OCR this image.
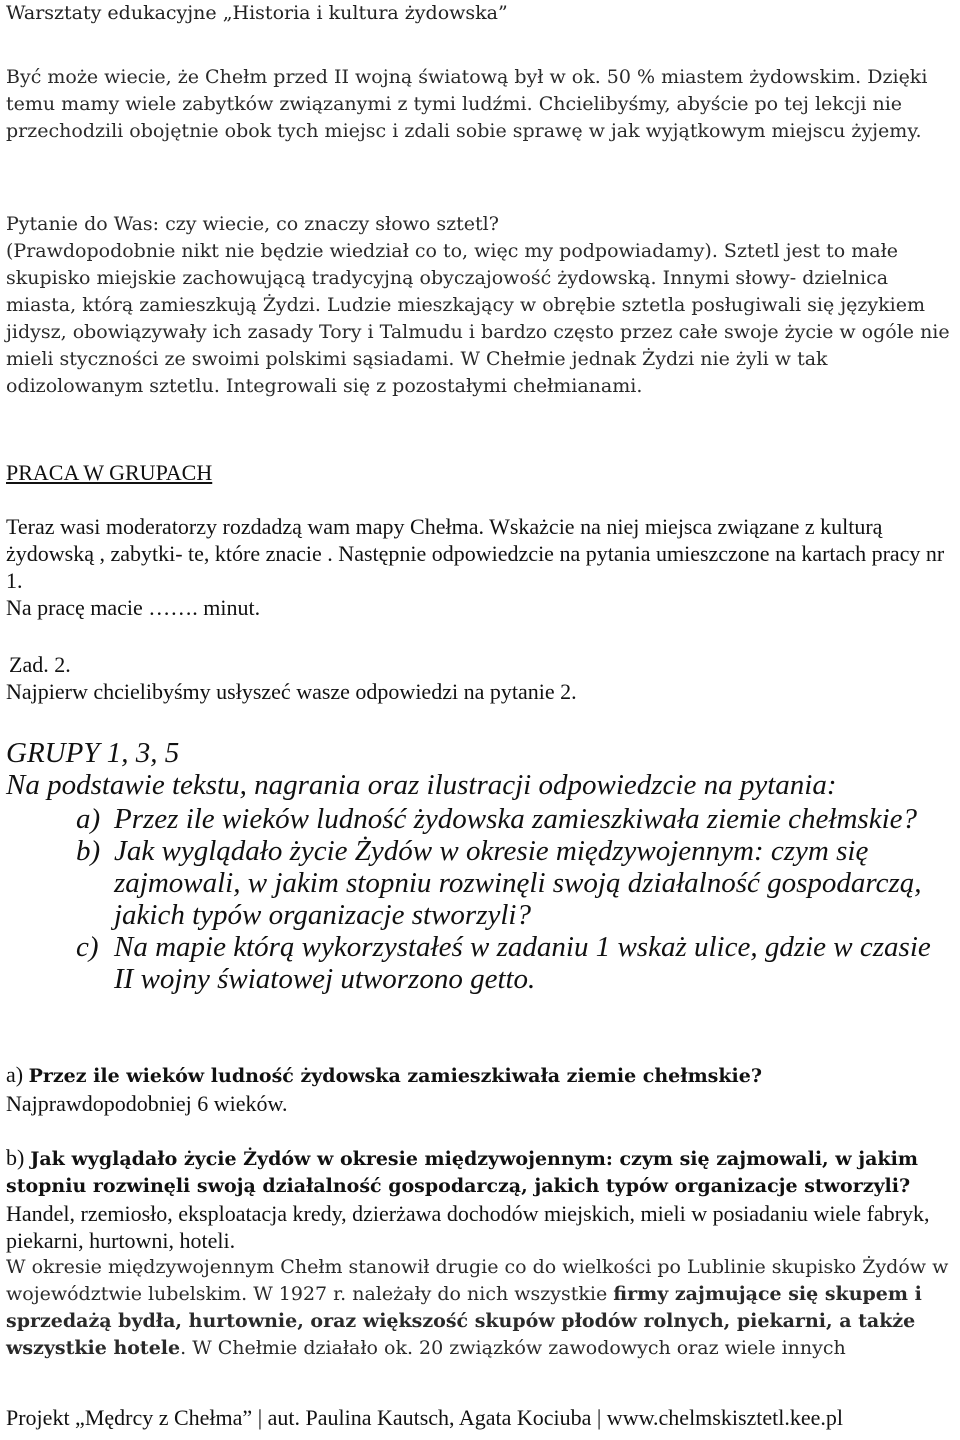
Warsztaty edukacyjne „Historia i kultura żydowska”
Być może wiecie, że Chełm przed II wojną światową był w ok. 50 % miastem żydowskim. Dzięki temu mamy wiele zabytków związanymi z tymi ludźmi. Chcielibyśmy, abyście po tej lekcji nie przechodzili obojętnie obok tych miejsc i zdali sobie sprawę w jak wyjątkowym miejscu żyjemy.
Pytanie do Was: czy wiecie, co znaczy słowo sztetl?
(Prawdopodobnie nikt nie będzie wiedział co to, więc my podpowiadamy). Sztetl jest to małe skupisko miejskie zachowującą tradycyjną obyczajowość żydowską. Innymi słowy- dzielnica miasta, którą zamieszkują Żydzi. Ludzie mieszkający w obrębie sztetla posługiwali się językiem jidysz, obowiązywały ich zasady Tory i Talmudu i bardzo często przez całe swoje życie w ogóle nie mieli styczności ze swoimi polskimi sąsiadami. W Chełmie jednak Żydzi nie żyli w tak odizolowanym sztetlu. Integrowali się z pozostałymi chełmianami.
PRACA W GRUPACH
Teraz wasi moderatorzy rozdadzą wam mapy Chełma. Wskażcie na niej miejsca związane z kulturą żydowską , zabytki- te, które znacie . Następnie odpowiedzcie na pytania umieszczone na kartach pracy nr 1.
Na pracę macie ……. minut.
Zad. 2.
Najpierw chcielibyśmy usłyszeć wasze odpowiedzi na pytanie 2.
GRUPY 1, 3, 5
Na podstawie tekstu, nagrania oraz ilustracji odpowiedzcie na pytania:
a) Przez ile wieków ludność żydowska zamieszkiwała ziemie chełmskie?
b) Jak wyglądało życie Żydów w okresie międzywojennym: czym się zajmowali, w jakim stopniu rozwinęli swoją działalność gospodarczą, jakich typów organizacje stworzyli?
c) Na mapie którą wykorzystałeś w zadaniu 1 wskaż ulice, gdzie w czasie II wojny światowej utworzono getto.
a) Przez ile wieków ludność żydowska zamieszkiwała ziemie chełmskie?
Najprawdopodobniej 6 wieków.
b) Jak wyglądało życie Żydów w okresie międzywojennym: czym się zajmowali, w jakim stopniu rozwinęli swoją działalność gospodarczą, jakich typów organizacje stworzyli?
Handel, rzemiosło, eksploatacja kredy, dzierżawa dochodów miejskich, mieli w posiadaniu wiele fabryk, piekarni, hurtowni, hoteli.
W okresie międzywojennym Chełm stanowił drugie co do wielkości po Lublinie skupisko Żydów w województwie lubelskim. W 1927 r. należały do nich wszystkie firmy zajmujące się skupem i sprzedażą bydła, hurtownie, oraz większość skupów płodów rolnych, piekarni, a także wszystkie hotele. W Chełmie działało ok. 20 związków zawodowych oraz wiele innych
Projekt „Mędrcy z Chełma” | aut. Paulina Kautsch, Agata Kociuba | www.chelmskisztetl.kee.pl
